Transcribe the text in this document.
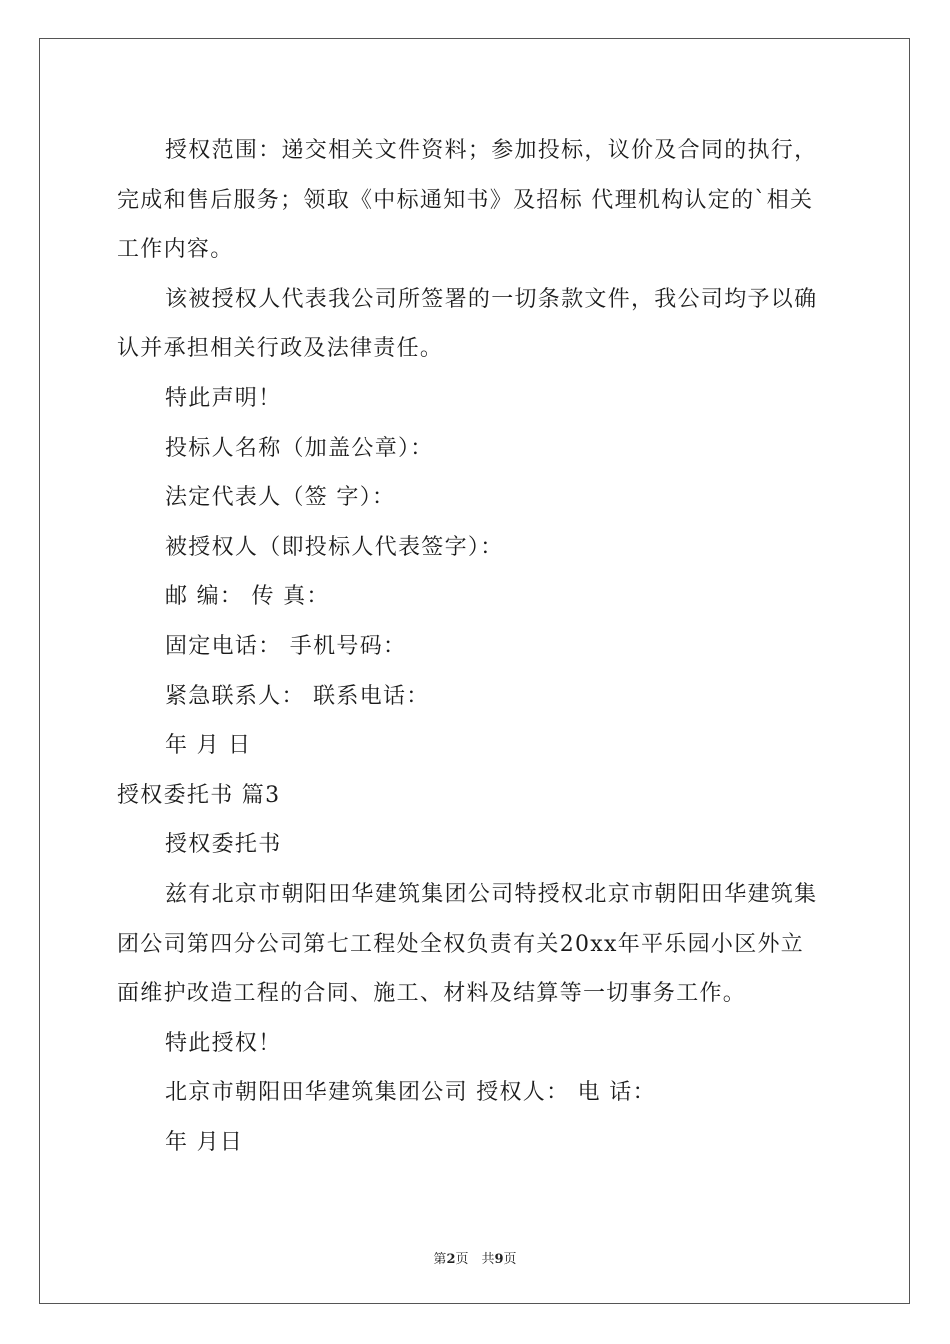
授权范围：递交相关文件资料；参加投标，议价及合同的执行，
完成和售后服务；领取《中标通知书》及招标 代理机构认定的`相关
工作内容。
该被授权人代表我公司所签署的一切条款文件，我公司均予以确
认并承担相关行政及法律责任。

特此声明！

投标人名称（加盖公章）：

法定代表人（签 字）：

被授权人（即投标人代表签字）：

邮 编： 传 真：

固定电话： 手机号码：

紧急联系人： 联系电话：

年 月 日

授权委托书 篇3

授权委托书

兹有北京市朝阳田华建筑集团公司特授权北京市朝阳田华建筑集
团公司第四分公司第七工程处全权负责有关20xx年平乐园小区外立
面维护改造工程的合同、施工、材料及结算等一切事务工作。

特此授权！

北京市朝阳田华建筑集团公司 授权人： 电 话：

年 月日

第2页　共9页
